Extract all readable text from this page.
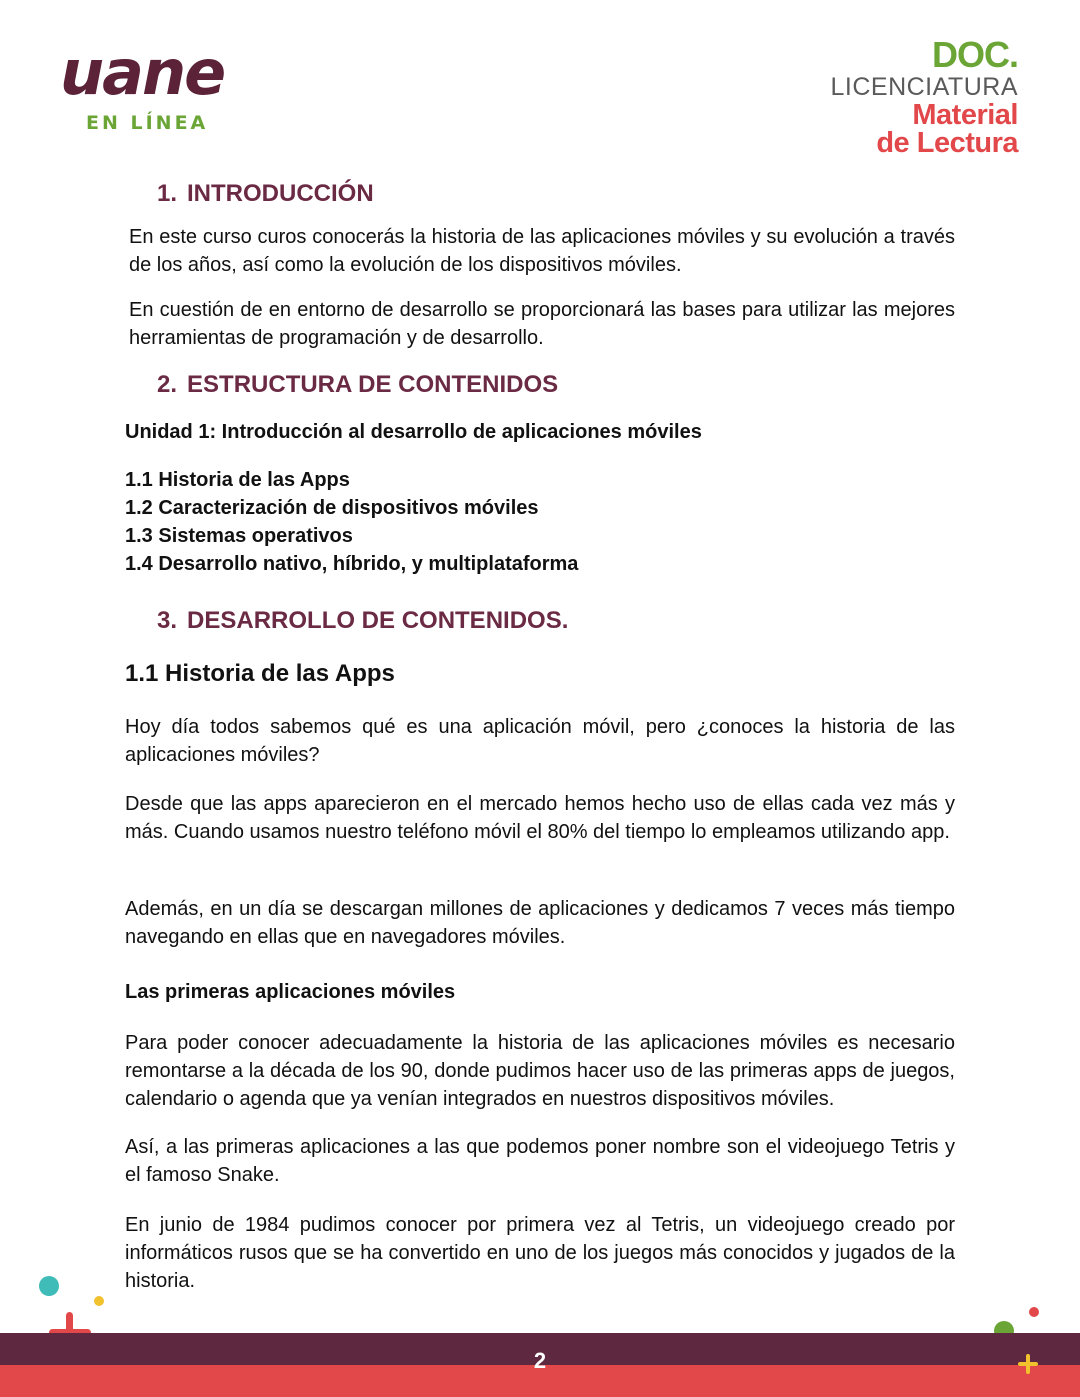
uane
EN LÍNEA
DOC.
LICENCIATURA
Material
de Lectura
1. INTRODUCCIÓN

En este curso curos conocerás la historia de las aplicaciones móviles y su evolución a través de los años, así como la evolución de los dispositivos móviles.

En cuestión de en entorno de desarrollo se proporcionará las bases para utilizar las mejores herramientas de programación y de desarrollo.

2. ESTRUCTURA DE CONTENIDOS
Unidad 1: Introducción al desarrollo de aplicaciones móviles
1.1 Historia de las Apps
1.2 Caracterización de dispositivos móviles
1.3 Sistemas operativos
1.4 Desarrollo nativo, híbrido, y multiplataforma
3. DESARROLLO DE CONTENIDOS.
1.1 Historia de las Apps

Hoy día todos sabemos qué es una aplicación móvil, pero ¿conoces la historia de las aplicaciones móviles?

Desde que las apps aparecieron en el mercado hemos hecho uso de ellas cada vez más y más. Cuando usamos nuestro teléfono móvil el 80% del tiempo lo empleamos utilizando app.

Además, en un día se descargan millones de aplicaciones y dedicamos 7 veces más tiempo navegando en ellas que en navegadores móviles.

Las primeras aplicaciones móviles

Para poder conocer adecuadamente la historia de las aplicaciones móviles es necesario remontarse a la década de los 90, donde pudimos hacer uso de las primeras apps de juegos, calendario o agenda que ya venían integrados en nuestros dispositivos móviles.

Así, a las primeras aplicaciones a las que podemos poner nombre son el videojuego Tetris y el famoso Snake.

En junio de 1984 pudimos conocer por primera vez al Tetris, un videojuego creado por informáticos rusos que se ha convertido en uno de los juegos más conocidos y jugados de la historia.

2
